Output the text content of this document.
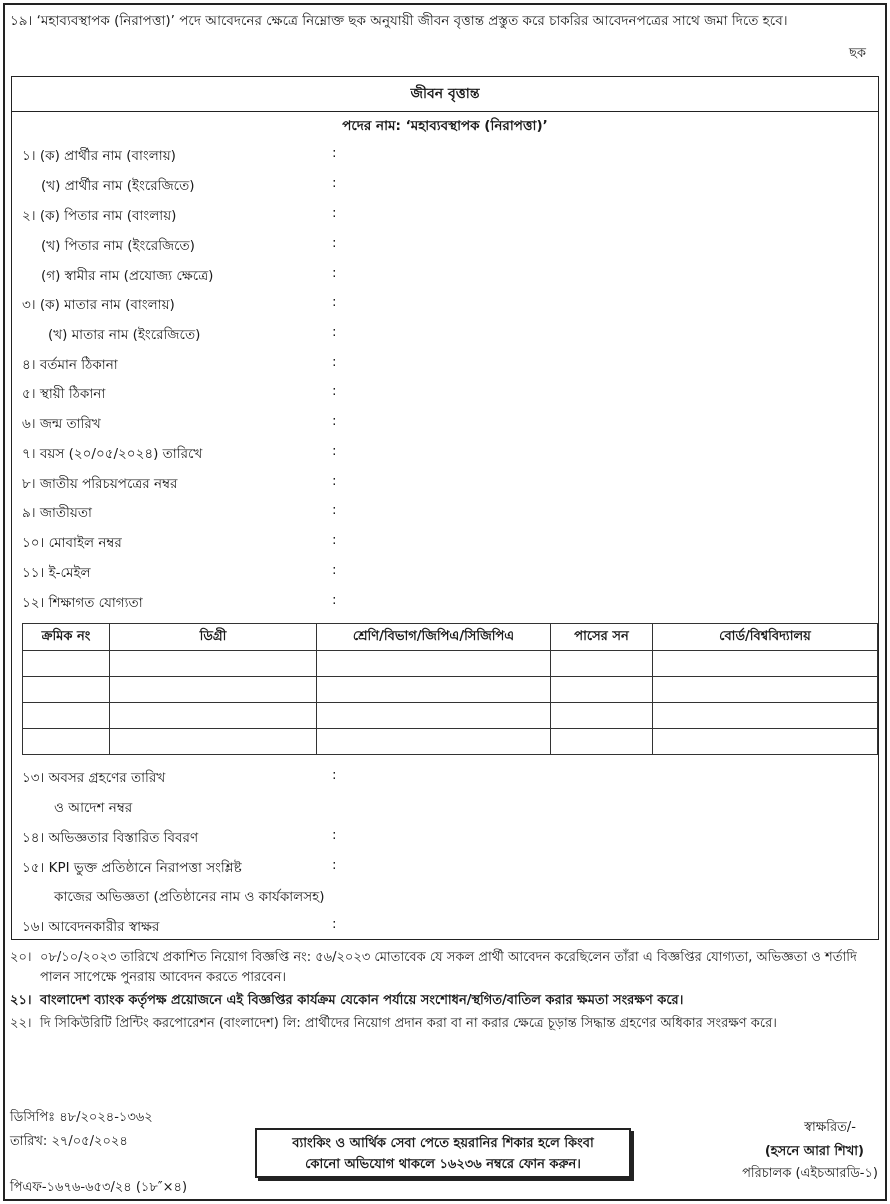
১৯। ‘মহাব্যবস্থাপক (নিরাপত্তা)’ পদে আবেদনের ক্ষেত্রে নিম্নোক্ত ছক অনুযায়ী জীবন বৃত্তান্ত প্রস্তুত করে চাকরির আবেদনপত্রের সাথে জমা দিতে হবে।
ছক
জীবন বৃত্তান্ত
পদের নাম: ‘মহাব্যবস্থাপক (নিরাপত্তা)’
১। (ক) প্রার্থীর নাম (বাংলায়)	:
(খ) প্রার্থীর নাম (ইংরেজিতে)	:
২। (ক) পিতার নাম (বাংলায়)	:
(খ) পিতার নাম (ইংরেজিতে)	:
(গ) স্বামীর নাম (প্রযোজ্য ক্ষেত্রে)	:
৩। (ক) মাতার নাম (বাংলায়)	:
(খ) মাতার নাম (ইংরেজিতে)	:
৪। বর্তমান ঠিকানা	:
৫। স্থায়ী ঠিকানা	:
৬। জন্ম তারিখ	:
৭। বয়স (২০/০৫/২০২৪) তারিখে	:
৮। জাতীয় পরিচয়পত্রের নম্বর	:
৯। জাতীয়তা	:
১০। মোবাইল নম্বর	:
১১। ই-মেইল	:
১২। শিক্ষাগত যোগ্যতা	:
ক্রমিক নং	ডিগ্রী	শ্রেণি/বিভাগ/জিপিএ/সিজিপিএ	পাসের সন	বোর্ড/বিশ্ববিদ্যালয়

১৩। অবসর গ্রহণের তারিখ	:
ও আদেশ নম্বর
১৪। অভিজ্ঞতার বিস্তারিত বিবরণ	:
১৫। KPI ভুক্ত প্রতিষ্ঠানে নিরাপত্তা সংশ্লিষ্ট	:
কাজের অভিজ্ঞতা (প্রতিষ্ঠানের নাম ও কার্যকালসহ)
১৬। আবেদনকারীর স্বাক্ষর	:
২০। ০৮/১০/২০২৩ তারিখে প্রকাশিত নিয়োগ বিজ্ঞপ্তি নং: ৫৬/২০২৩ মোতাবেক যে সকল প্রার্থী আবেদন করেছিলেন তাঁরা এ বিজ্ঞপ্তির যোগ্যতা, অভিজ্ঞতা ও শর্তাদি পালন সাপেক্ষে পুনরায় আবেদন করতে পারবেন।
২১। বাংলাদেশ ব্যাংক কর্তৃপক্ষ প্রয়োজনে এই বিজ্ঞপ্তির কার্যক্রম যেকোন পর্যায়ে সংশোধন/স্থগিত/বাতিল করার ক্ষমতা সংরক্ষণ করে।
২২। দি সিকিউরিটি প্রিন্টিং করপোরেশন (বাংলাদেশ) লি: প্রার্থীদের নিয়োগ প্রদান করা বা না করার ক্ষেত্রে চূড়ান্ত সিদ্ধান্ত গ্রহণের অধিকার সংরক্ষণ করে।
ডিসিপিঃ ৪৮/২০২৪-১৩৬২
তারিখ: ২৭/০৫/২০২৪
পিএফ-১৬৭৬-৬৫৩/২৪ (১৮″×৪)
ব্যাংকিং ও আর্থিক সেবা পেতে হয়রানির শিকার হলে কিংবা
কোনো অভিযোগ থাকলে ১৬২৩৬ নম্বরে ফোন করুন।
স্বাক্ষরিত/-
(হসনে আরা শিখা)
পরিচালক (এইচআরডি-১)
